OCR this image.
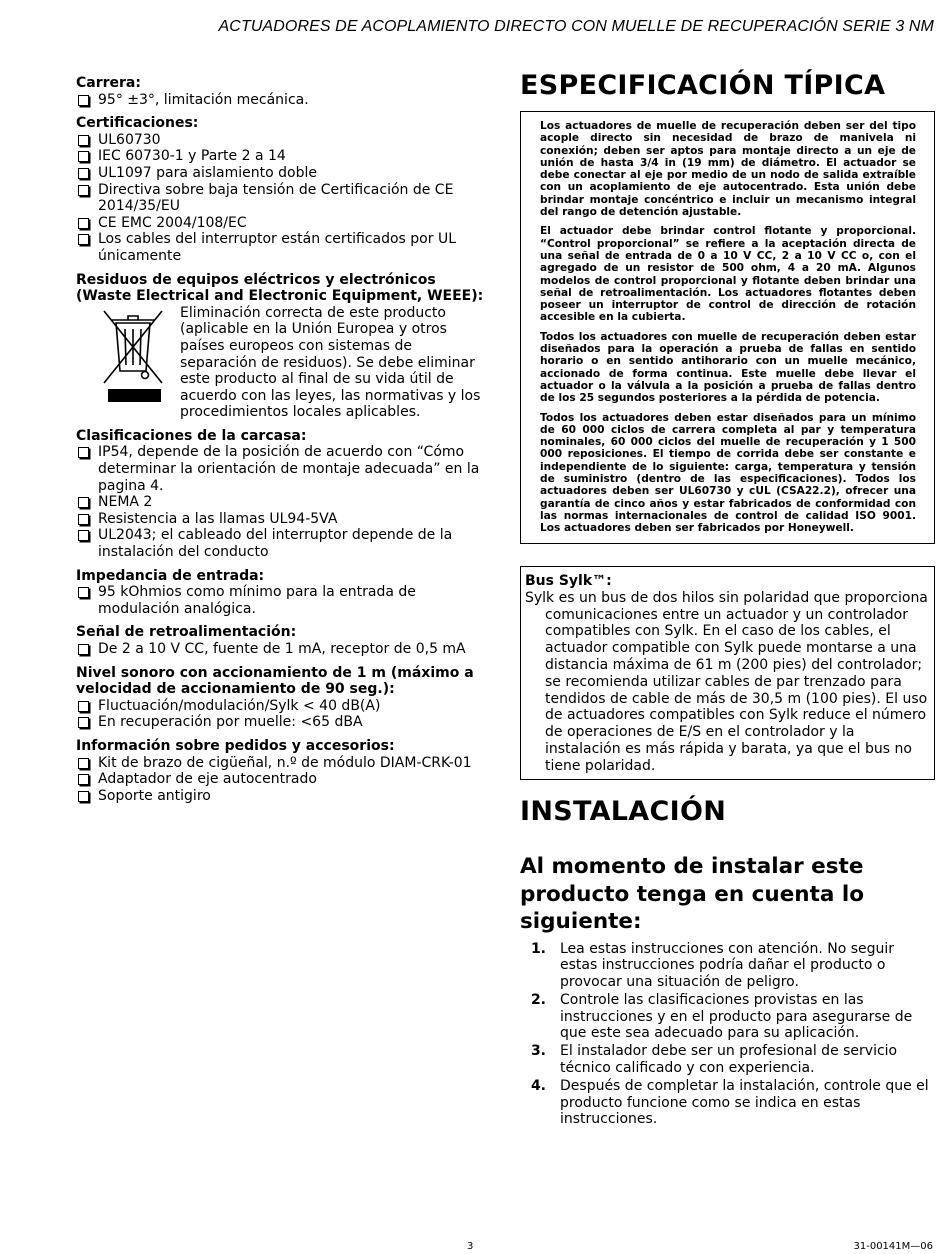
ACTUADORES DE ACOPLAMIENTO DIRECTO CON MUELLE DE RECUPERACIÓN SERIE 3 NM
Carrera:
95° ±3°, limitación mecánica.
Certificaciones:
UL60730
IEC 60730-1 y Parte 2 a 14
UL1097 para aislamiento doble
Directiva sobre baja tensión de Certificación de CE 2014/35/EU
CE EMC 2004/108/EC
Los cables del interruptor están certificados por UL únicamente
Residuos de equipos eléctricos y electrónicos (Waste Electrical and Electronic Equipment, WEEE):
Eliminación correcta de este producto (aplicable en la Unión Europea y otros países europeos con sistemas de separación de residuos). Se debe eliminar este producto al final de su vida útil de acuerdo con las leyes, las normativas y los procedimientos locales aplicables.
Clasificaciones de la carcasa:
IP54, depende de la posición de acuerdo con “Cómo determinar la orientación de montaje adecuada” en la pagina 4.
NEMA 2
Resistencia a las llamas UL94-5VA
UL2043; el cableado del interruptor depende de la instalación del conducto
Impedancia de entrada:
95 kOhmios como mínimo para la entrada de modulación analógica.
Señal de retroalimentación:
De 2 a 10 V CC, fuente de 1 mA, receptor de 0,5 mA
Nivel sonoro con accionamiento de 1 m (máximo a velocidad de accionamiento de 90 seg.):
Fluctuación/modulación/Sylk < 40 dB(A)
En recuperación por muelle: <65 dBA
Información sobre pedidos y accesorios:
Kit de brazo de cigüeñal, n.º de módulo DIAM-CRK-01
Adaptador de eje autocentrado
Soporte antigiro
ESPECIFICACIÓN TÍPICA

Los actuadores de muelle de recuperación deben ser del tipo acople directo sin necesidad de brazo de manivela ni conexión; deben ser aptos para montaje directo a un eje de unión de hasta 3/4 in (19 mm) de diámetro. El actuador se debe conectar al eje por medio de un nodo de salida extraíble con un acoplamiento de eje autocentrado. Esta unión debe brindar montaje concéntrico e incluir un mecanismo integral del rango de detención ajustable.

El actuador debe brindar control flotante y proporcional. “Control proporcional” se refiere a la aceptación directa de una señal de entrada de 0 a 10 V CC, 2 a 10 V CC o, con el agregado de un resistor de 500 ohm, 4 a 20 mA. Algunos modelos de control proporcional y flotante deben brindar una señal de retroalimentación. Los actuadores flotantes deben poseer un interruptor de control de dirección de rotación accesible en la cubierta.

Todos los actuadores con muelle de recuperación deben estar diseñados para la operación a prueba de fallas en sentido horario o en sentido antihorario con un muelle mecánico, accionado de forma continua. Este muelle debe llevar el actuador o la válvula a la posición a prueba de fallas dentro de los 25 segundos posteriores a la pérdida de potencia.

Todos los actuadores deben estar diseñados para un mínimo de 60 000 ciclos de carrera completa al par y temperatura nominales, 60 000 ciclos del muelle de recuperación y 1 500 000 reposiciones. El tiempo de corrida debe ser constante e independiente de lo siguiente: carga, temperatura y tensión de suministro (dentro de las especificaciones). Todos los actuadores deben ser UL60730 y cUL (CSA22.2), ofrecer una garantía de cinco años y estar fabricados de conformidad con las normas internacionales de control de calidad ISO 9001. Los actuadores deben ser fabricados por Honeywell.

Bus Sylk™:
Sylk es un bus de dos hilos sin polaridad que proporciona comunicaciones entre un actuador y un controlador compatibles con Sylk. En el caso de los cables, el actuador compatible con Sylk puede montarse a una distancia máxima de 61 m (200 pies) del controlador; se recomienda utilizar cables de par trenzado para tendidos de cable de más de 30,5 m (100 pies). El uso de actuadores compatibles con Sylk reduce el número de operaciones de E/S en el controlador y la instalación es más rápida y barata, ya que el bus no tiene polaridad.
INSTALACIÓN
Al momento de instalar este producto tenga en cuenta lo siguiente:
1.	Lea estas instrucciones con atención. No seguir estas instrucciones podría dañar el producto o provocar una situación de peligro.
2.	Controle las clasificaciones provistas en las instrucciones y en el producto para asegurarse de que este sea adecuado para su aplicación.
3.	El instalador debe ser un profesional de servicio técnico calificado y con experiencia.
4.	Después de completar la instalación, controle que el producto funcione como se indica en estas instrucciones.
3	31-00141M—06
